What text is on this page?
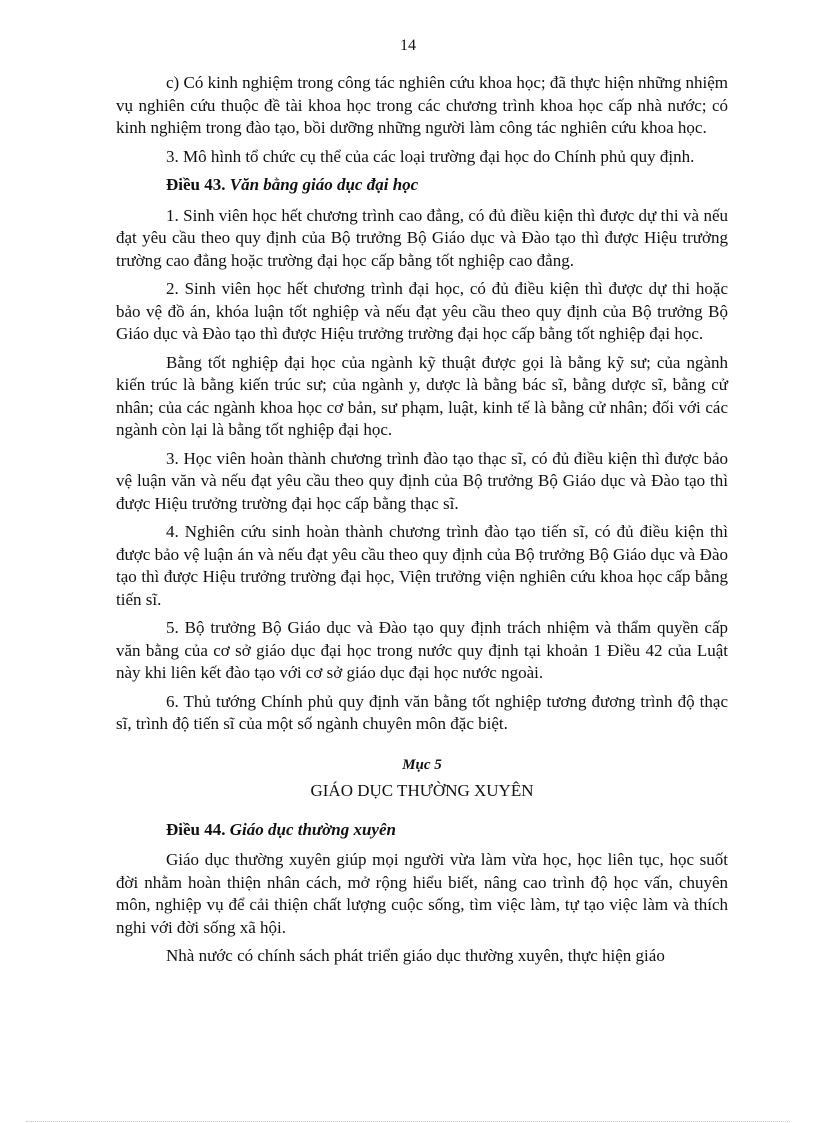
14

c) Có kinh nghiệm trong công tác nghiên cứu khoa học; đã thực hiện những nhiệm vụ nghiên cứu thuộc đề tài khoa học trong các chương trình khoa học cấp nhà nước; có kinh nghiệm trong đào tạo, bồi dưỡng những người làm công tác nghiên cứu khoa học.

3. Mô hình tổ chức cụ thể của các loại trường đại học do Chính phủ quy định.

Điều 43. Văn bằng giáo dục đại học

1. Sinh viên học hết chương trình cao đẳng, có đủ điều kiện thì được dự thi và nếu đạt yêu cầu theo quy định của Bộ trưởng Bộ Giáo dục và Đào tạo thì được Hiệu trưởng trường cao đẳng hoặc trường đại học cấp bằng tốt nghiệp cao đẳng.

2. Sinh viên học hết chương trình đại học, có đủ điều kiện thì được dự thi hoặc bảo vệ đồ án, khóa luận tốt nghiệp và nếu đạt yêu cầu theo quy định của Bộ trưởng Bộ Giáo dục và Đào tạo thì được Hiệu trưởng trường đại học cấp bằng tốt nghiệp đại học.

Bằng tốt nghiệp đại học của ngành kỹ thuật được gọi là bằng kỹ sư; của ngành kiến trúc là bằng kiến trúc sư; của ngành y, dược là bằng bác sĩ, bằng dược sĩ, bằng cử nhân; của các ngành khoa học cơ bản, sư phạm, luật, kinh tế là bằng cử nhân; đối với các ngành còn lại là bằng tốt nghiệp đại học.

3. Học viên hoàn thành chương trình đào tạo thạc sĩ, có đủ điều kiện thì được bảo vệ luận văn và nếu đạt yêu cầu theo quy định của Bộ trưởng Bộ Giáo dục và Đào tạo thì được Hiệu trưởng trường đại học cấp bằng thạc sĩ.

4. Nghiên cứu sinh hoàn thành chương trình đào tạo tiến sĩ, có đủ điều kiện thì được bảo vệ luận án và nếu đạt yêu cầu theo quy định của Bộ trưởng Bộ Giáo dục và Đào tạo thì được Hiệu trưởng trường đại học, Viện trưởng viện nghiên cứu khoa học cấp bằng tiến sĩ.

5. Bộ trưởng Bộ Giáo dục và Đào tạo quy định trách nhiệm và thẩm quyền cấp văn bằng của cơ sở giáo dục đại học trong nước quy định tại khoản 1 Điều 42 của Luật này khi liên kết đào tạo với cơ sở giáo dục đại học nước ngoài.

6. Thủ tướng Chính phủ quy định văn bằng tốt nghiệp tương đương trình độ thạc sĩ, trình độ tiến sĩ của một số ngành chuyên môn đặc biệt.

Mục 5
GIÁO DỤC THƯỜNG XUYÊN

Điều 44. Giáo dục thường xuyên

Giáo dục thường xuyên giúp mọi người vừa làm vừa học, học liên tục, học suốt đời nhằm hoàn thiện nhân cách, mở rộng hiểu biết, nâng cao trình độ học vấn, chuyên môn, nghiệp vụ để cải thiện chất lượng cuộc sống, tìm việc làm, tự tạo việc làm và thích nghi với đời sống xã hội.

Nhà nước có chính sách phát triển giáo dục thường xuyên, thực hiện giáo
